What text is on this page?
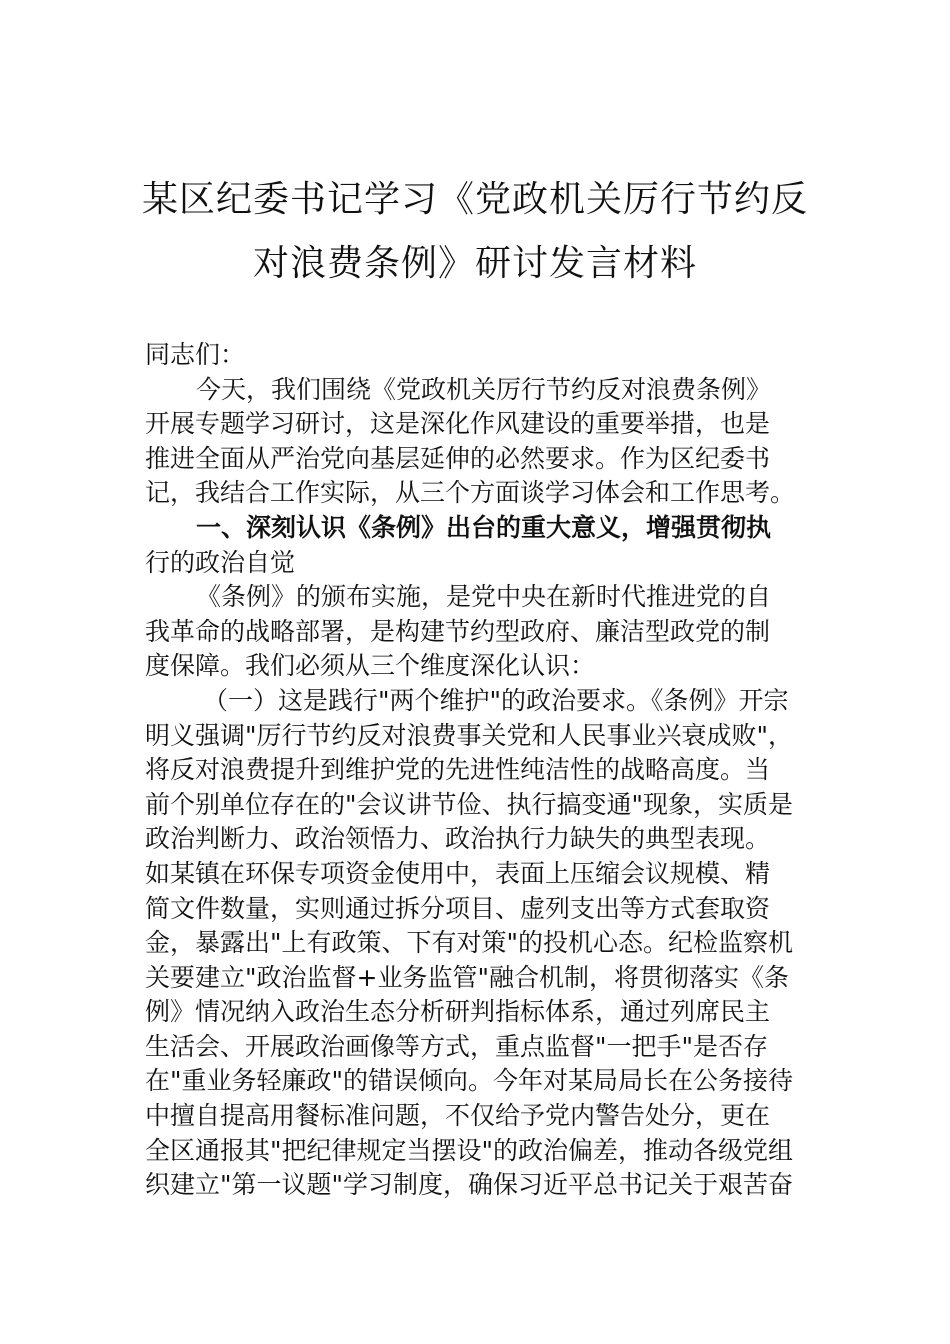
某区纪委书记学习《党政机关厉行节约反
对浪费条例》研讨发言材料
同志们：
今天，我们围绕《党政机关厉行节约反对浪费条例》
开展专题学习研讨，这是深化作风建设的重要举措，也是
推进全面从严治党向基层延伸的必然要求。作为区纪委书
记，我结合工作实际，从三个方面谈学习体会和工作思考。
一、深刻认识《条例》出台的重大意义，增强贯彻执
行的政治自觉
《条例》的颁布实施，是党中央在新时代推进党的自
我革命的战略部署，是构建节约型政府、廉洁型政党的制
度保障。我们必须从三个维度深化认识：
（一）这是践行"两个维护"的政治要求。《条例》开宗
明义强调"厉行节约反对浪费事关党和人民事业兴衰成败"，
将反对浪费提升到维护党的先进性纯洁性的战略高度。当
前个别单位存在的"会议讲节俭、执行搞变通"现象，实质是
政治判断力、政治领悟力、政治执行力缺失的典型表现。
如某镇在环保专项资金使用中，表面上压缩会议规模、精
简文件数量，实则通过拆分项目、虚列支出等方式套取资
金，暴露出"上有政策、下有对策"的投机心态。纪检监察机
关要建立"政治监督+业务监管"融合机制，将贯彻落实《条
例》情况纳入政治生态分析研判指标体系，通过列席民主
生活会、开展政治画像等方式，重点监督"一把手"是否存
在"重业务轻廉政"的错误倾向。今年对某局局长在公务接待
中擅自提高用餐标准问题，不仅给予党内警告处分，更在
全区通报其"把纪律规定当摆设"的政治偏差，推动各级党组
织建立"第一议题"学习制度，确保习近平总书记关于艰苦奋
